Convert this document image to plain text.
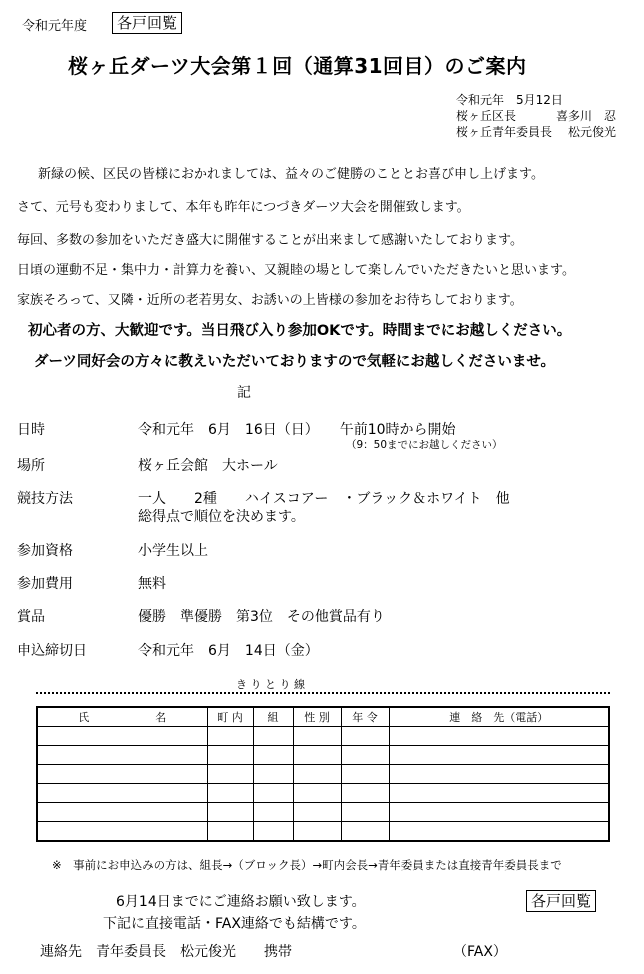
令和元年度	各戸回覧
桜ヶ丘ダーツ大会第１回（通算31回目）のご案内
令和元年　5月12日
桜ヶ丘区長	喜多川　忍
桜ヶ丘青年委員長 松元俊光
新緑の候、区民の皆様におかれましては、益々のご健勝のこととお喜び申し上げます。
さて、元号も変わりまして、本年も昨年につづきダーツ大会を開催致します。
毎回、多数の参加をいただき盛大に開催することが出来まして感謝いたしております。
日頃の運動不足・集中力・計算力を養い、又親睦の場として楽しんでいただきたいと思います。
家族そろって、又隣・近所の老若男女、お誘いの上皆様の参加をお待ちしております。
初心者の方、大歓迎です。当日飛び入り参加OKです。時間までにお越しください。
ダーツ同好会の方々に教えいただいておりますので気軽にお越しくださいませ。
記
日時	令和元年　6月　16日（日）　　午前10時から開始
（9：50までにお越しください）
場所	桜ヶ丘会館　大ホール
競技方法	一人　　2種　　ハイスコアー　・ブラック＆ホワイト　他
総得点で順位を決めます。
参加資格	小学生以上
参加費用	無料
賞品	優勝　準優勝　第3位　その他賞品有り
申込締切日	令和元年　6月　14日（金）
き り と り 線
氏　　　　　　名	町 内	組	性 別	年 令	連　絡　先（電話）

※　事前にお申込みの方は、組長→（ブロック長）→町内会長→青年委員または直接青年委員長まで
6月14日までにご連絡お願い致します。	各戸回覧
下記に直接電話・FAX連絡でも結構です。
連絡先　青年委員長　松元俊光　　携帯	（FAX）
